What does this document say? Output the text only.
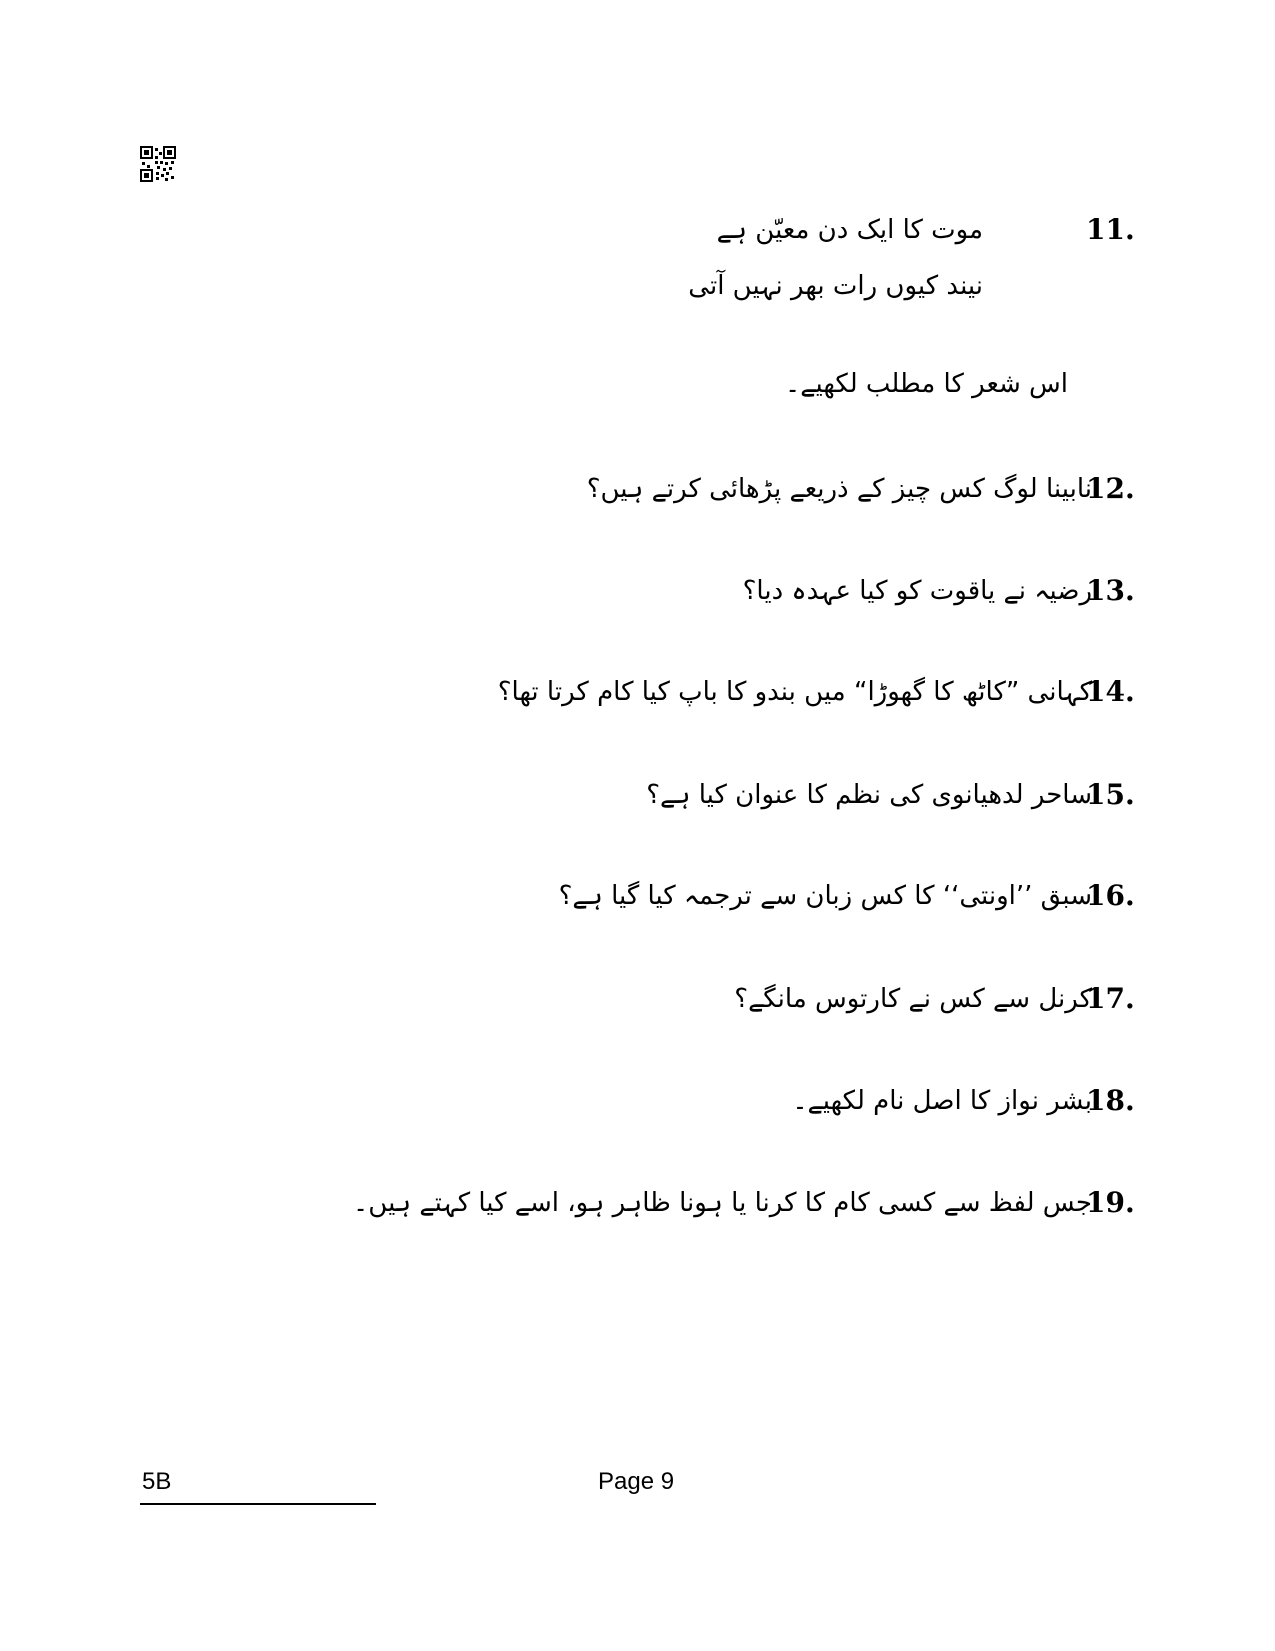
11.
موت کا ایک دن معیّن ہے
نیند کیوں رات بھر نہیں آتی
اس شعر کا مطلب لکھیے۔
12.
نابینا لوگ کس چیز کے ذریعے پڑھائی کرتے ہیں؟
13.
رضیہ نے یاقوت کو کیا عہدہ دیا؟
14.
کہانی ”کاٹھ کا گھوڑا“ میں بندو کا باپ کیا کام کرتا تھا؟
15.
ساحر لدھیانوی کی نظم کا عنوان کیا ہے؟
16.
سبق ’’اونتی‘‘ کا کس زبان سے ترجمہ کیا گیا ہے؟
17.
کرنل سے کس نے کارتوس مانگے؟
18.
بشر نواز کا اصل نام لکھیے۔
19.
جس لفظ سے کسی کام کا کرنا یا ہونا ظاہر ہو، اسے کیا کہتے ہیں۔
5B	Page 9
